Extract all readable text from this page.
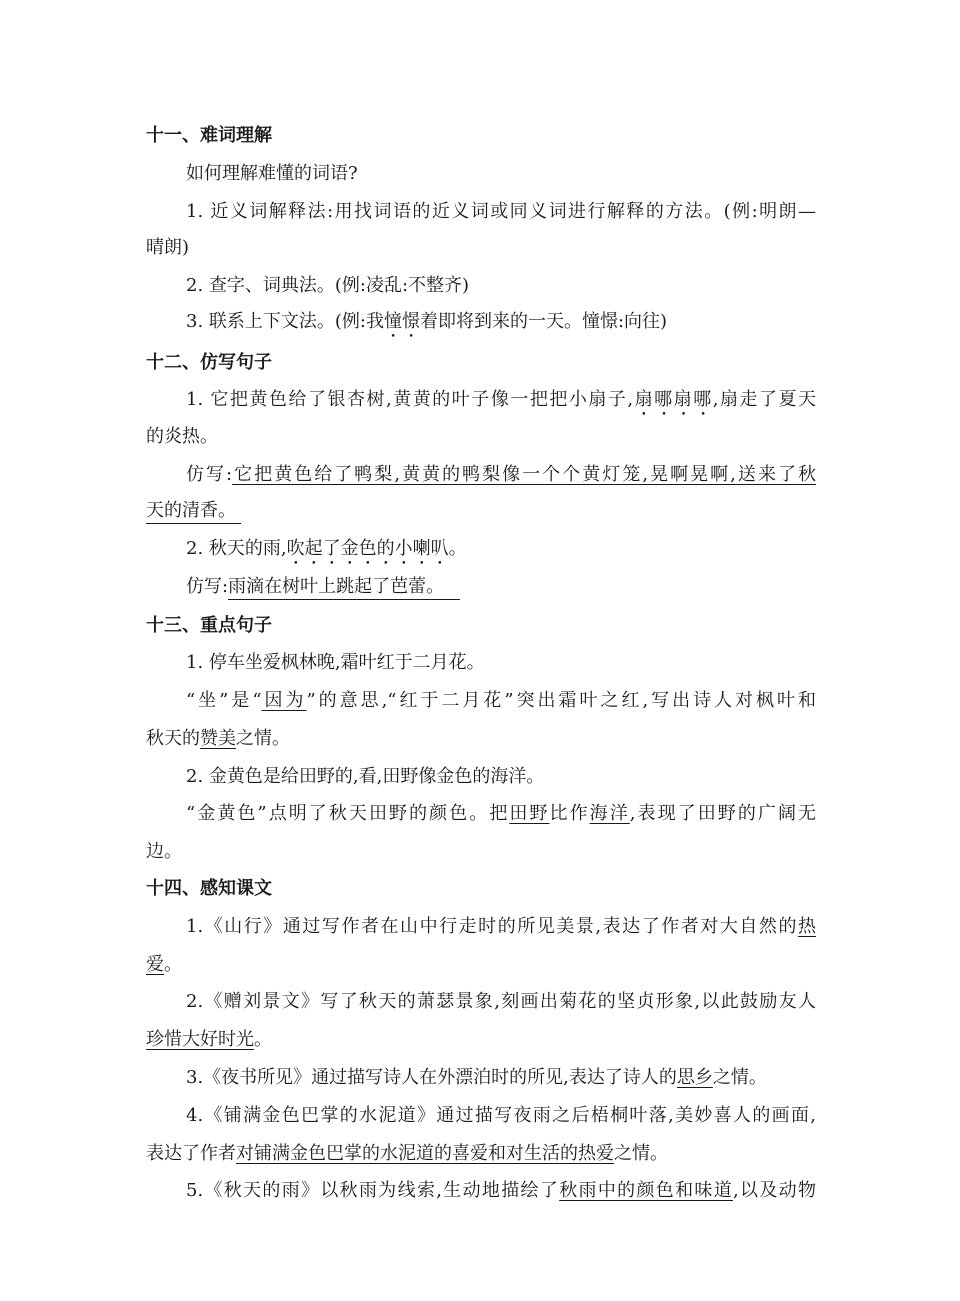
十一、难词理解
如何理解难懂的词语?
1. 近义词解释法:用找词语的近义词或同义词进行解释的方法。(例:明朗—
晴朗)
2. 查字、词典法。(例:凌乱:不整齐)
3. 联系上下文法。(例:我憧憬着即将到来的一天。憧憬:向往)
十二、仿写句子
1. 它把黄色给了银杏树,黄黄的叶子像一把把小扇子,扇哪扇哪,扇走了夏天
的炎热。
仿写:它把黄色给了鸭梨,黄黄的鸭梨像一个个黄灯笼,晃啊晃啊,送来了秋
天的清香。
2. 秋天的雨,吹起了金色的小喇叭。
仿写:雨滴在树叶上跳起了芭蕾。
十三、重点句子
1. 停车坐爱枫林晚,霜叶红于二月花。
“坐”是“因为”的意思,“红于二月花”突出霜叶之红,写出诗人对枫叶和
秋天的赞美之情。
2. 金黄色是给田野的,看,田野像金色的海洋。
“金黄色”点明了秋天田野的颜色。把田野比作海洋,表现了田野的广阔无
边。
十四、感知课文
1.《山行》通过写作者在山中行走时的所见美景,表达了作者对大自然的热
爱。
2.《赠刘景文》写了秋天的萧瑟景象,刻画出菊花的坚贞形象,以此鼓励友人
珍惜大好时光。
3.《夜书所见》通过描写诗人在外漂泊时的所见,表达了诗人的思乡之情。
4.《铺满金色巴掌的水泥道》通过描写夜雨之后梧桐叶落,美妙喜人的画面,
表达了作者对铺满金色巴掌的水泥道的喜爱和对生活的热爱之情。
5.《秋天的雨》以秋雨为线索,生动地描绘了秋雨中的颜色和味道,以及动物
